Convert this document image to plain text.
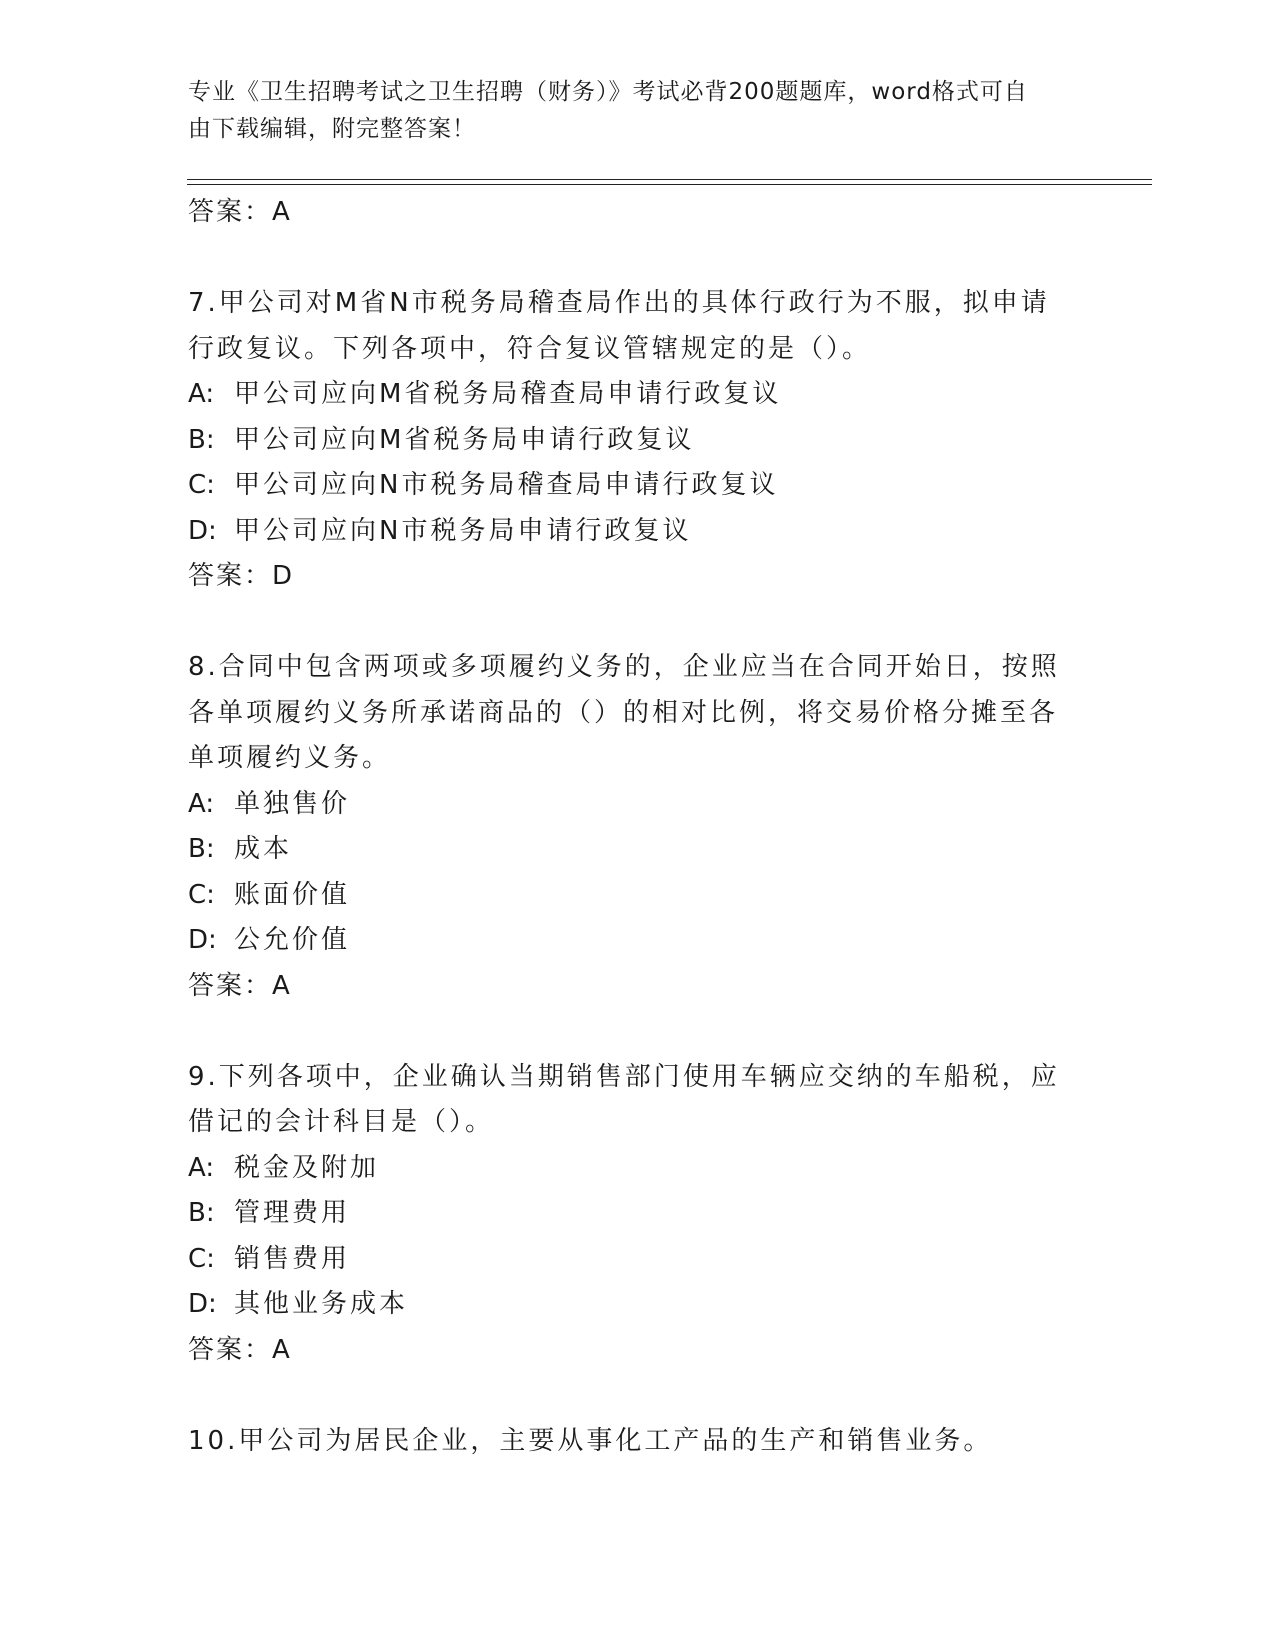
专业《卫生招聘考试之卫生招聘（财务）》考试必背200题题库，word格式可自
由下载编辑，附完整答案！
答案：A
7.甲公司对M省N市税务局稽查局作出的具体行政行为不服，拟申请
行政复议。下列各项中，符合复议管辖规定的是（）。
A: 甲公司应向M省税务局稽查局申请行政复议
B: 甲公司应向M省税务局申请行政复议
C: 甲公司应向N市税务局稽查局申请行政复议
D: 甲公司应向N市税务局申请行政复议
答案：D
8.合同中包含两项或多项履约义务的，企业应当在合同开始日，按照
各单项履约义务所承诺商品的（）的相对比例，将交易价格分摊至各
单项履约义务。
A: 单独售价
B: 成本
C: 账面价值
D: 公允价值
答案：A
9.下列各项中，企业确认当期销售部门使用车辆应交纳的车船税，应
借记的会计科目是（）。
A: 税金及附加
B: 管理费用
C: 销售费用
D: 其他业务成本
答案：A
10.甲公司为居民企业，主要从事化工产品的生产和销售业务。
